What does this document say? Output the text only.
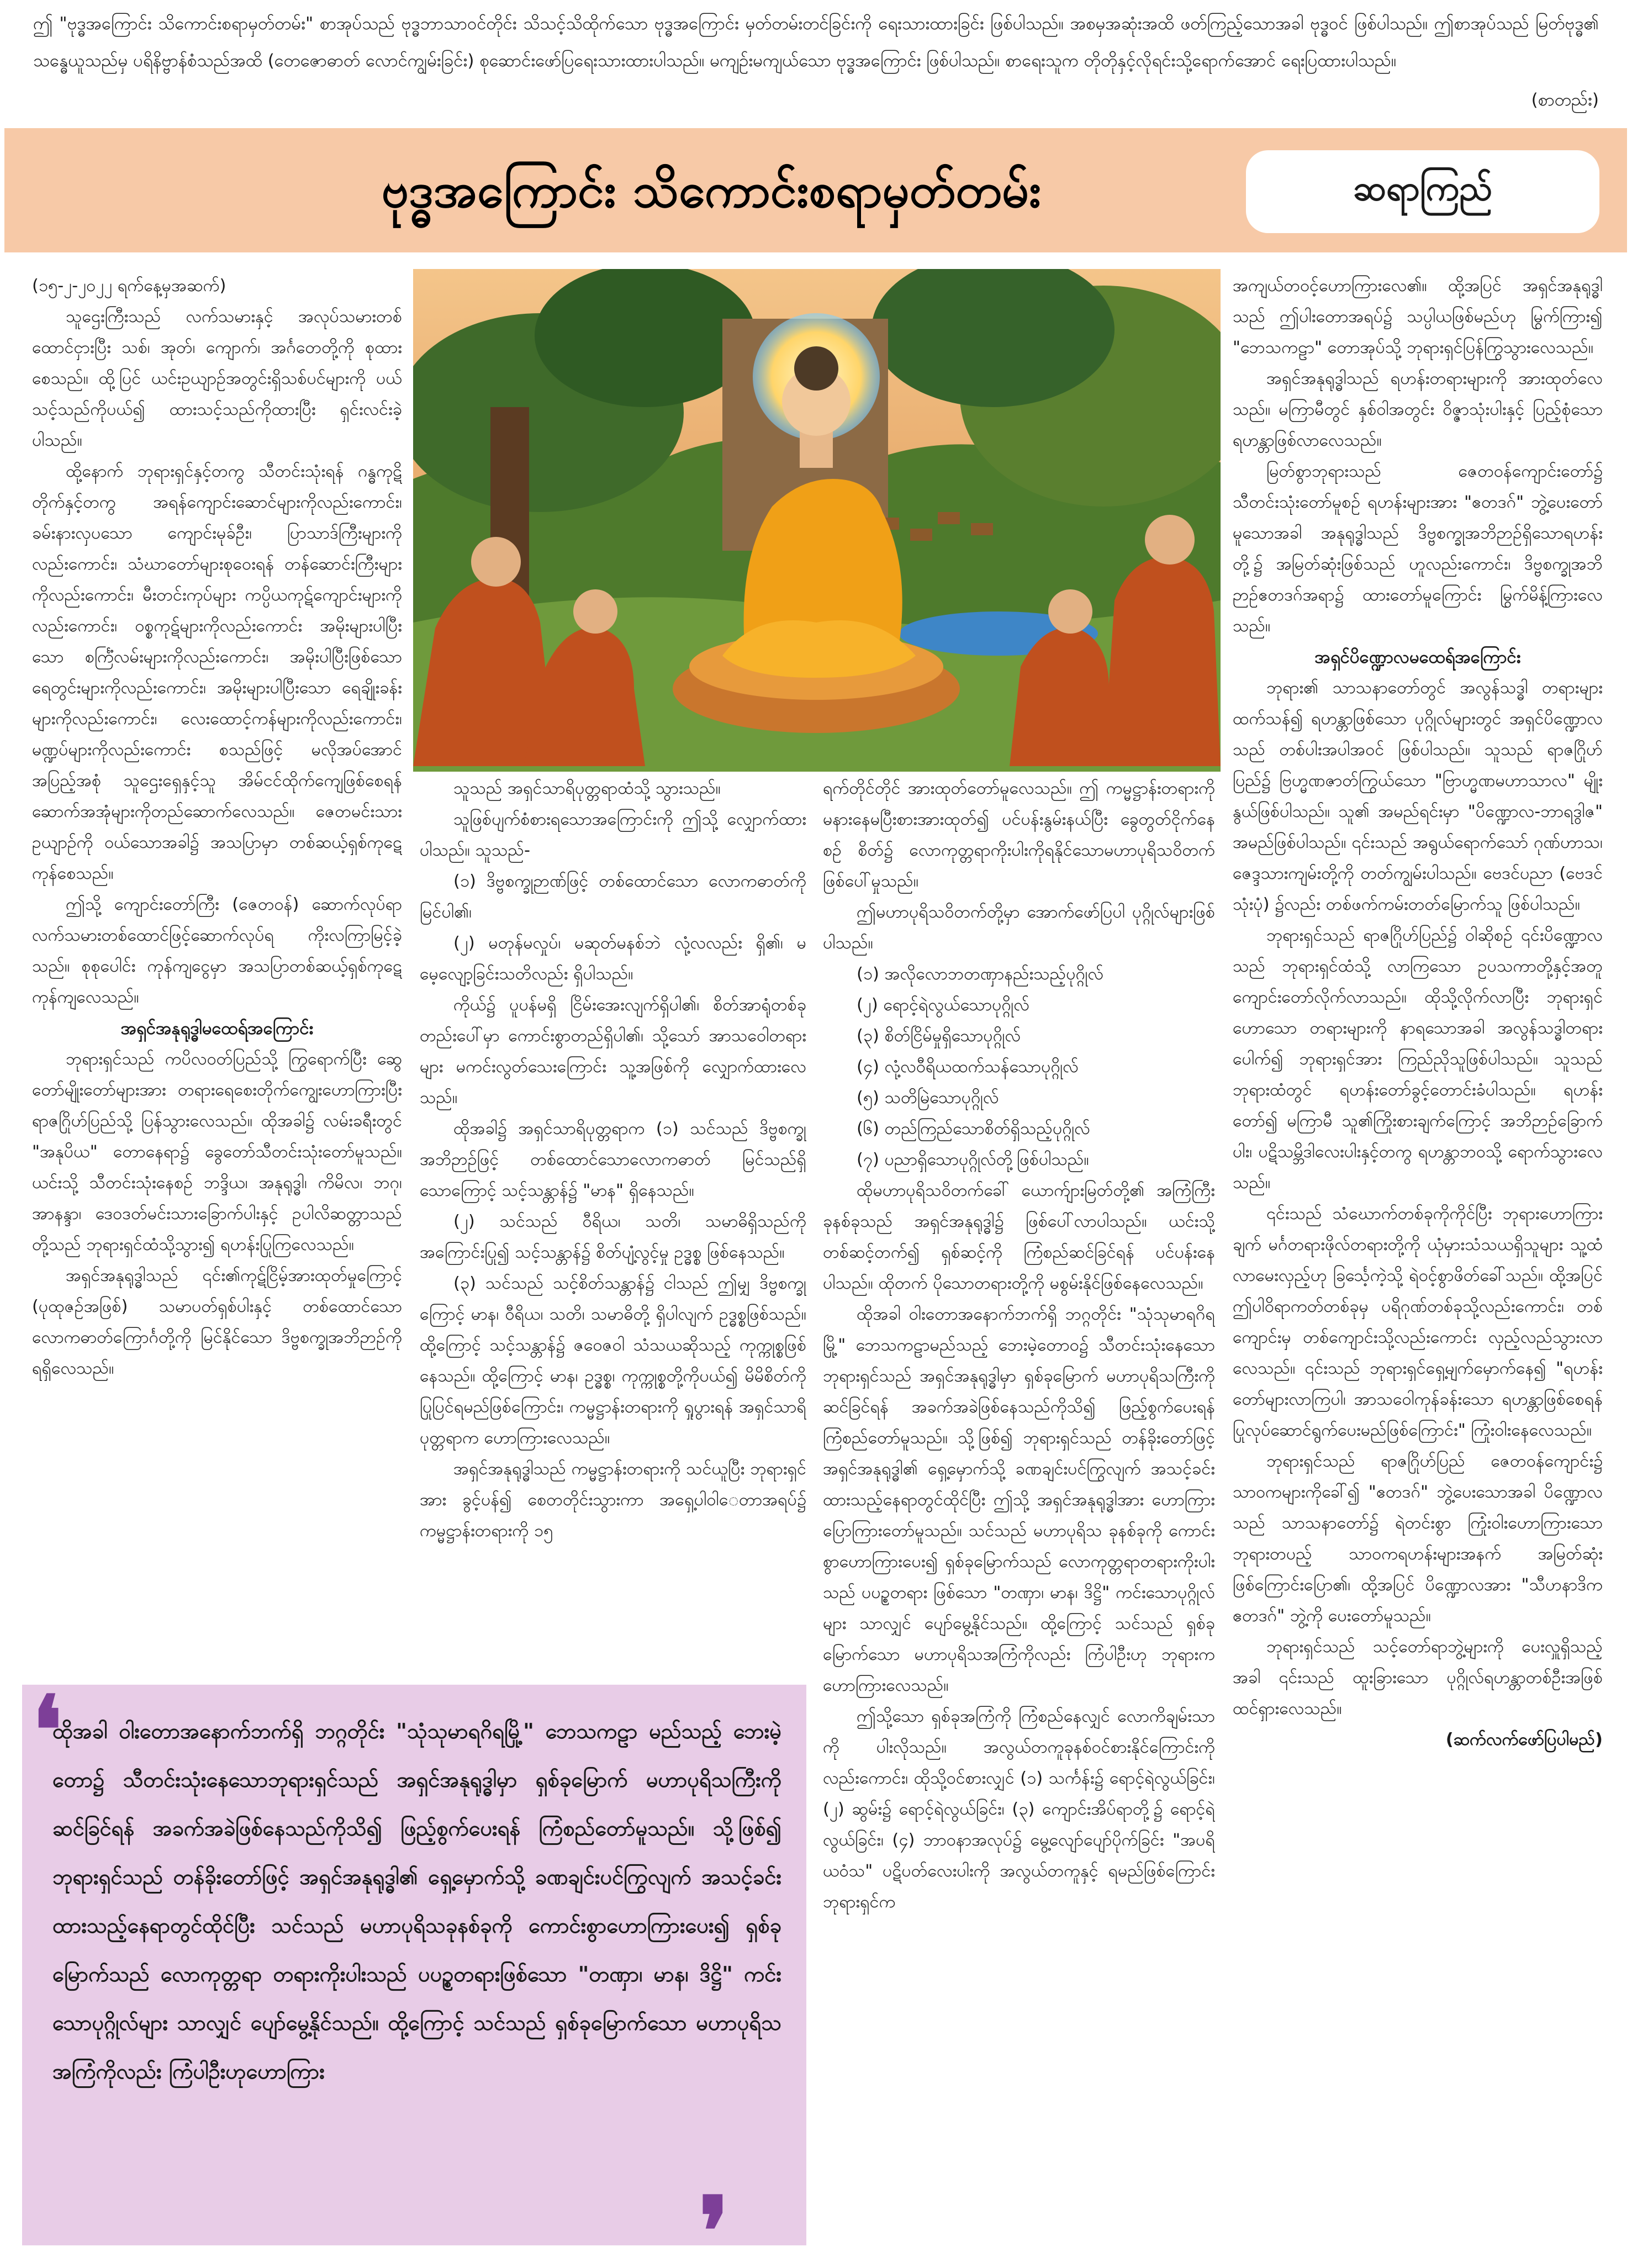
ဤ "ဗုဒ္ဓအကြောင်း သိကောင်းစရာမှတ်တမ်း" စာအုပ်သည် ဗုဒ္ဓဘာသာဝင်တိုင်း သိသင့်သိထိုက်သော ဗုဒ္ဓအကြောင်း မှတ်တမ်းတင်ခြင်းကို ရေးသားထားခြင်း ဖြစ်ပါသည်။ အစမှအဆုံးအထိ ဖတ်ကြည့်သောအခါ ဗုဒ္ဓဝင် ဖြစ်ပါသည်။ ဤစာအုပ်သည် မြတ်ဗုဒ္ဓ၏ သန္ဓေယူသည်မှ ပရိနိဗ္ဗာန်စံသည်အထိ (တေဇောဓာတ် လောင်ကျွမ်းခြင်း) စုဆောင်းဖော်ပြရေးသားထားပါသည်။ မကျဉ်းမကျယ်သော ဗုဒ္ဓအကြောင်း ဖြစ်ပါသည်။ စာရေးသူက တိုတိုနှင့်လိုရင်းသို့ရောက်အောင် ရေးပြထားပါသည်။
(စာတည်း)
ဗုဒ္ဓအကြောင်း သိကောင်းစရာမှတ်တမ်း	ဆရာကြည်

(၁၅-၂-၂၀၂၂ ရက်နေ့မှအဆက်)

သူဌေးကြီးသည် လက်သမားနှင့် အလုပ်သမားတစ်ထောင်ငှားပြီး သစ်၊ အုတ်၊ ကျောက်၊ အင်္ဂတေတို့ကို စုထားစေသည်။ ထို့ပြင် ယင်းဥယျာဉ်အတွင်းရှိသစ်ပင်များကို ပယ်သင့်သည်ကိုပယ်၍ ထားသင့်သည်ကိုထားပြီး ရှင်းလင်းခဲ့ပါသည်။

ထို့နောက် ဘုရားရှင်နှင့်တကွ သီတင်းသုံးရန် ဂန္ဓကုဋိတိုက်နှင့်တကွ အရန်ကျောင်းဆောင်များကိုလည်းကောင်း၊ ခမ်းနားလှပသော ကျောင်းမုခ်ဦး၊ ပြာသာဒ်ကြီးများကိုလည်းကောင်း၊ သံဃာတော်များစုဝေးရန် တန်ဆောင်းကြီးများကိုလည်းကောင်း၊ မီးတင်းကုပ်များ ကပ္ပိယကုဋ်ကျောင်းများကိုလည်းကောင်း၊ ဝစ္စကုဋ်များကိုလည်းကောင်း အမိုးများပါပြီးသော စင်္ကြံလမ်းများကိုလည်းကောင်း၊ အမိုးပါပြီးဖြစ်သော ရေတွင်းများကိုလည်းကောင်း၊ အမိုးများပါပြီးသော ရေချိုးခန်းများကိုလည်းကောင်း၊ လေးထောင့်ကန်များကိုလည်းကောင်း၊ မဏ္ဍပ်များကိုလည်းကောင်း စသည်ဖြင့် မလိုအပ်အောင် အပြည့်အစုံ သူဌေးရှေနှင့်သူ အိမ်ငင်ထိုက်ကျေဖြစ်စေရန် ဆောက်အအုံများကိုတည်ဆောက်လေသည်။ ဇေတမင်းသား ဥယျာဉ်ကို ဝယ်သောအခါ၌ အသပြာမှာ တစ်ဆယ့်ရှစ်ကုဋေကုန်စေသည်။

ဤသို့ ကျောင်းတော်ကြီး (ဇေတဝန်) ဆောက်လုပ်ရာ လက်သမားတစ်ထောင်ဖြင့်ဆောက်လုပ်ရ ကိုးလကြာမြင့်ခဲ့သည်။ စုစုပေါင်း ကုန်ကျငွေမှာ အသပြာတစ်ဆယ့်ရှစ်ကုဋေကုန်ကျလေသည်။

အရှင်အနုရုဒ္ဓါမထေရ်အကြောင်း

ဘုရားရှင်သည် ကပိလဝတ်ပြည်သို့ ကြွရောက်ပြီး ဆွေတော်မျိုးတော်များအား တရားရေစေးတိုက်ကျွေးဟောကြားပြီး ရာဇဂြိုဟ်ပြည်သို့ ပြန်သွားလေသည်။ ထိုအခါ၌ လမ်းခရီးတွင် "အနုပိယ" တောနေရာ၌ ခွေတော်သီတင်းသုံးတော်မူသည်။ ယင်းသို့ သီတင်းသုံးနေစဉ် ဘဒ္ဒိယ၊ အနုရုဒ္ဓါ၊ ကိမိလ၊ ဘဂု၊ အာနန္ဒာ၊ ဒေဝဒတ်မင်းသားခြောက်ပါးနှင့် ဥပါလိဆတ္တာသည်တို့သည် ဘုရားရှင်ထံသို့သွား၍ ရဟန်းပြုကြလေသည်။

အရှင်အနုရုဒ္ဓါသည် ၎င်း၏ကုဋ်ငြိမ့်အားထုတ်မှုကြောင့် (ပုထုဇဉ်အဖြစ်) သမာပတ်ရှစ်ပါးနှင့် တစ်ထောင်သော လောကဓာတ်ကြောင်္ဂတို့ကို မြင်နိုင်သော ဒိဗ္ဗစက္ခုအဘိဉာဉ်ကို ရရှိလေသည်။

သူသည် အရှင်သာရိပုတ္တရာထံသို့ သွားသည်။

သူဖြစ်ပျက်စံစားရသောအကြောင်းကို ဤသို့ လျှောက်ထားပါသည်။ သူသည်-

(၁) ဒိဗ္ဗစက္ခုဉာဏ်ဖြင့် တစ်ထောင်သော လောကဓာတ်ကို မြင်ပါ၏၊

(၂) မတုန်မလှုပ်၊ မဆုတ်မနစ်ဘဲ လုံ့လလည်း ရှိ၏၊ မမေ့လျော့ခြင်းသတိလည်း ရှိပါသည်။

ကိုယ်၌ ပူပန်မရှိ ငြိမ်းအေးလျက်ရှိပါ၏၊ စိတ်အာရုံတစ်ခုတည်းပေါ်မှာ ကောင်းစွာတည်ရှိပါ၏၊ သို့သော် အာသဝေါတရားများ မကင်းလွတ်သေးကြောင်း သူ့အဖြစ်ကို လျှောက်ထားလေသည်။

ထိုအခါ၌ အရှင်သာရိပုတ္တရာက (၁) သင်သည် ဒိဗ္ဗစက္ခုအဘိဉာဉ်ဖြင့် တစ်ထောင်သောလောကဓာတ် မြင်သည်ရှိသောကြောင့် သင့်သန္တာန်၌ "မာန" ရှိနေသည်။

(၂) သင်သည် ဝီရိယ၊ သတိ၊ သမာဓိရှိသည်ကို အကြောင်းပြု၍ သင့်သန္တာန်၌ စိတ်ပျံ့လွင့်မှု ဥဒ္ဓစ္စ ဖြစ်နေသည်။

(၃) သင်သည် သင့်စိတ်သန္တာန်၌ ငါသည် ဤမျှ ဒိဗ္ဗစက္ခုကြောင့် မာန၊ ဝီရိယ၊ သတိ၊ သမာဓိတို့ ရှိပါလျက် ဥဒ္ဓစ္စဖြစ်သည်။ ထို့ကြောင့် သင့်သန္တာန်၌ ဇဝေဇဝါ သံသယဆိုသည့် ကုက္ကုစ္စဖြစ်နေသည်။ ထို့ကြောင့် မာန၊ ဥဒ္ဓစ္စ၊ ကုက္ကုစ္စတို့ကိုပယ်၍ မိမိစိတ်ကို ပြုပြင်ရမည်ဖြစ်ကြောင်း၊ ကမ္မဋ္ဌာန်းတရားကို ရှုပွားရန် အရှင်သာရိပုတ္တရာက ဟောကြားလေသည်။

အရှင်အနုရုဒ္ဓါသည် ကမ္မဋ္ဌာန်းတရားကို သင်ယူပြီး ဘုရားရှင်အား ခွင့်ပန်၍ စေတတိုင်းသွားကာ အရှေ့ပါဝါေတာအရပ်၌ ကမ္မဋ္ဌာန်းတရားကို ၁၅

ရက်တိုင်တိုင် အားထုတ်တော်မူလေသည်။ ဤ ကမ္မဋ္ဌာန်းတရားကို မနားနေမပြီးစားအားထုတ်၍ ပင်ပန်းနွမ်းနယ်ပြီး ခွေတွတ်ငိုက်နေစဉ် စိတ်၌ လောကုတ္တရာကိုးပါးကိုရနိုင်သောမဟာပုရိသဝိတက်ဖြစ်ပေါ်မှုသည်။

ဤမဟာပုရိသဝိတက်တို့မှာ အောက်ဖော်ပြပါ ပုဂ္ဂိုလ်များဖြစ်ပါသည်။

(၁) အလိုလောဘတဏှာနည်းသည့်ပုဂ္ဂိုလ်
(၂) ရောင့်ရဲလွယ်သောပုဂ္ဂိုလ်
(၃) စိတ်ငြိမ်မှုရှိသောပုဂ္ဂိုလ်
(၄) လုံ့လဝီရိယထက်သန်သောပုဂ္ဂိုလ်
(၅) သတိမြဲသောပုဂ္ဂိုလ်
(၆) တည်ကြည်သောစိတ်ရှိသည့်ပုဂ္ဂိုလ်
(၇) ပညာရှိသောပုဂ္ဂိုလ်တို့ဖြစ်ပါသည်။

ထိုမဟာပုရိသဝိတက်ခေါ် ယောက်ျားမြတ်တို့၏ အကြံကြီးခုနစ်ခုသည် အရှင်အနုရုဒ္ဓါ၌ ဖြစ်ပေါ်လာပါသည်။ ယင်းသို့တစ်ဆင့်တက်၍ ရှစ်ဆင့်ကို ကြံစည်ဆင်ခြင်ရန် ပင်ပန်းနေပါသည်။ ထိုတက် ပိုသောတရားတို့ကို မစွမ်းနိုင်ဖြစ်နေလေသည်။

ထိုအခါ ဝါးတောအနောက်ဘက်ရှိ ဘဂ္ဂတိုင်း "သုံသုမာရဂိရမြို့" ဘေသကဠာမည်သည့် ဘေးမဲ့တောဝ၌ သီတင်းသုံးနေသော ဘုရားရှင်သည် အရှင်အနုရုဒ္ဓါမှာ ရှစ်ခုမြောက် မဟာပုရိသကြီးကို ဆင်ခြင်ရန် အခက်အခဲဖြစ်နေသည်ကိုသိ၍ ဖြည့်စွက်ပေးရန် ကြံစည်တော်မူသည်။ သို့ဖြစ်၍ ဘုရားရှင်သည် တန်ခိုးတော်ဖြင့် အရှင်အနုရုဒ္ဓါ၏ ရှေ့မှောက်သို့ ခဏချင်းပင်ကြွလျက် အသင့်ခင်းထားသည့်နေရာတွင်ထိုင်ပြီး ဤသို့ အရှင်အနုရုဒ္ဓါအား ဟောကြားပြောကြားတော်မူသည်။ သင်သည် မဟာပုရိသ ခုနစ်ခုကို ကောင်းစွာဟောကြားပေး၍ ရှစ်ခုမြောက်သည် လောကုတ္တရာတရားကိုးပါးသည် ပပဉ္စတရား ဖြစ်သော "တဏှာ၊ မာန၊ ဒိဋ္ဌိ" ကင်းသောပုဂ္ဂိုလ်များ သာလျှင် ပျော်မွေ့နိုင်သည်။ ထို့ကြောင့် သင်သည် ရှစ်ခုမြောက်သော မဟာပုရိသအကြံကိုလည်း ကြံပါဦးဟု ဘုရားက ဟောကြားလေသည်။

ဤသို့သော ရှစ်ခုအကြံကို ကြံစည်နေလျှင် လောကိချမ်းသာကို ပါးလိုသည်။ အလွယ်တကူခုနစ်ဝင်စားနိုင်ကြောင်းကိုလည်းကောင်း၊ ထိုသို့ဝင်စားလျှင် (၁) သင်္ကန်း၌ ရောင့်ရဲလွယ်ခြင်း၊ (၂) ဆွမ်း၌ ရောင့်ရဲလွယ်ခြင်း၊ (၃) ကျောင်းအိပ်ရာတို့၌ ရောင့်ရဲလွယ်ခြင်း၊ (၄) ဘာဝနာအလုပ်၌ မွေ့လျော်ပျော်ပိုက်ခြင်း "အပရိယ၀ံသ" ပဋိပတ်လေးပါးကို အလွယ်တကူနှင့် ရမည်ဖြစ်ကြောင်း ဘုရားရှင်က

အကျယ်တဝင့်ဟောကြားလေ၏။ ထို့အပြင် အရှင်အနုရုဒ္ဓါသည် ဤပါးတောအရပ်၌ သပ္ပါယဖြစ်မည်ဟု မြွက်ကြား၍ "ဘေသကဠာ" တောအုပ်သို့ ဘုရားရှင်ပြန်ကြွသွားလေသည်။

အရှင်အနုရုဒ္ဓါသည် ရဟန်းတရားများကို အားထုတ်လေသည်။ မကြာမီတွင် နှစ်ဝါအတွင်း ဝိဇ္ဇာသုံးပါးနှင့် ပြည့်စုံသော ရဟန္တာဖြစ်လာလေသည်။

မြတ်စွာဘုရားသည် ဇေတဝန်ကျောင်းတော်၌ သီတင်းသုံးတော်မူစဉ် ရဟန်းများအား "ဧတဒဂ်" ဘွဲ့ပေးတော်မူသောအခါ အနုရုဒ္ဓါသည် ဒိဗ္ဗစက္ခုအဘိဉာဉ်ရှိသောရဟန်းတို့၌ အမြတ်ဆုံးဖြစ်သည် ဟူလည်းကောင်း၊ ဒိဗ္ဗစက္ခုအဘိဉာဉ်ဧတဒဂ်အရာ၌ ထားတော်မူကြောင်း မြွက်မိန့်ကြားလေသည်။

အရှင်ပိဏ္ဍောလမထေရ်အကြောင်း

ဘုရား၏ သာသနာတော်တွင် အလွန်သဒ္ဓါ တရားများထက်သန်၍ ရဟန္တာဖြစ်သော ပုဂ္ဂိုလ်များတွင် အရှင်ပိဏ္ဍောလသည် တစ်ပါးအပါအဝင် ဖြစ်ပါသည်။ သူသည် ရာဇဂြိုဟ်ပြည်၌ ဗြဟ္မဏဇာတ်ကြွယ်သော "ဗြာဟ္မဏမဟာသာလ" မျိုးနွယ်ဖြစ်ပါသည်။ သူ၏ အမည်ရင်းမှာ "ပိဏ္ဍောလ-ဘာရဒွါဇ" အမည်ဖြစ်ပါသည်။ ၎င်းသည် အရွယ်ရောက်သော် ဂုဏ်ဟာသ၊ ဇေဒ္ဒသားကျမ်းတို့ကို တတ်ကျွမ်းပါသည်။ ဗေဒင်ပညာ (ဗေဒင်သုံးပုံ) ၌လည်း တစ်ဖက်ကမ်းတတ်မြောက်သူ ဖြစ်ပါသည်။

ဘုရားရှင်သည် ရာဇဂြိုဟ်ပြည်၌ ဝါဆိုစဉ် ၎င်းပိဏ္ဍောလသည် ဘုရားရှင်ထံသို့ လာကြသော ဥပသကာတို့နှင့်အတူ ကျောင်းတော်လိုက်လာသည်။ ထိုသို့လိုက်လာပြီး ဘုရားရှင်ဟောသော တရားများကို နာရသောအခါ အလွန်သဒ္ဓါတရား ပေါက်၍ ဘုရားရှင်အား ကြည်ညိုသူဖြစ်ပါသည်။ သူသည် ဘုရားထံတွင် ရဟန်းတော်ခွင့်တောင်းခံပါသည်။ ရဟန်းတော်၍ မကြာမီ သူ၏ကြိုးစားချက်ကြောင့် အဘိဉာဉ်ခြောက်ပါး၊ ပဋိသမ္ဘိဒါလေးပါးနှင့်တကွ ရဟန္တာဘဝသို့ ရောက်သွားလေသည်။

၎င်းသည် သံဃောက်တစ်ခုကိုကိုင်ပြီး ဘုရားဟောကြားချက် မင်္ဂတရားဖိုလ်တရားတို့ကို ယုံမှားသံသယရှိသူများ သူ့ထံလာမေးလှည့်ဟု ခြင်္သေ့ကဲ့သို့ ရဲဝင့်စွာဖိတ်ခေါ်သည်။ ထို့အပြင် ဤပါဝိရာကတ်တစ်ခုမှ ပရိဂုဏ်တစ်ခုသို့လည်းကောင်း၊ တစ်ကျောင်းမှ တစ်ကျောင်းသို့လည်းကောင်း လှည့်လည်သွားလာလေသည်။ ၎င်းသည် ဘုရားရှင်ရှေ့မျက်မှောက်နေ၍ "ရဟန်းတော်များလာကြပါ၊ အာသဝေါကုန်ခန်းသော ရဟန္တာဖြစ်စေရန် ပြုလုပ်ဆောင်ရွက်ပေးမည်ဖြစ်ကြောင်း" ကြုံးဝါးနေလေသည်။

ဘုရားရှင်သည် ရာဇဂြိုဟ်ပြည် ဇေတဝန်ကျောင်း၌ သာဝကများကိုခေါ်၍ "ဧတဒဂ်" ဘွဲ့ပေးသောအခါ ပိဏ္ဍောလသည် သာသနာတော်၌ ရဲတင်းစွာ ကြုံးဝါးဟောကြားသောဘုရားတပည့် သာဝကရဟန်းများအနက် အမြတ်ဆုံးဖြစ်ကြောင်းပြော၏၊ ထို့အပြင် ပိဏ္ဍောလအား "သီဟနာဒိကဧတဒဂ်" ဘွဲ့ကို ပေးတော်မူသည်။

ဘုရားရှင်သည် သင့်တော်ရာဘွဲ့များကို ပေးလှူရှိသည့်အခါ ၎င်းသည် ထူးခြားသော ပုဂ္ဂိုလ်ရဟန္တာတစ်ဦးအဖြစ် ထင်ရှားလေသည်။

(ဆက်လက်ဖော်ပြပါမည်)

❛
ထိုအခါ ဝါးတောအနောက်ဘက်ရှိ ဘဂ္ဂတိုင်း "သုံသုမာရဂိရမြို့" ဘေသကဠာ မည်သည့် ဘေးမဲ့တော၌ သီတင်းသုံးနေသောဘုရားရှင်သည် အရှင်အနုရုဒ္ဓါမှာ ရှစ်ခုမြောက် မဟာပုရိသကြီးကိုဆင်ခြင်ရန် အခက်အခဲဖြစ်နေသည်ကိုသိ၍ ဖြည့်စွက်ပေးရန် ကြံစည်တော်မူသည်။ သို့ဖြစ်၍ ဘုရားရှင်သည် တန်ခိုးတော်ဖြင့် အရှင်အနုရုဒ္ဓါ၏ ရှေ့မှောက်သို့ ခဏချင်းပင်ကြွလျက် အသင့်ခင်းထားသည့်နေရာတွင်ထိုင်ပြီး သင်သည် မဟာပုရိသခုနစ်ခုကို ကောင်းစွာဟောကြားပေး၍ ရှစ်ခုမြောက်သည် လောကုတ္တရာ တရားကိုးပါးသည် ပပဉ္စတရားဖြစ်သော "တဏှာ၊ မာန၊ ဒိဋ္ဌိ" ကင်းသောပုဂ္ဂိုလ်များ သာလျှင် ပျော်မွေ့နိုင်သည်။ ထို့ကြောင့် သင်သည် ရှစ်ခုမြောက်သော မဟာပုရိသ အကြံကိုလည်း ကြံပါဦးဟုဟောကြား
❜
